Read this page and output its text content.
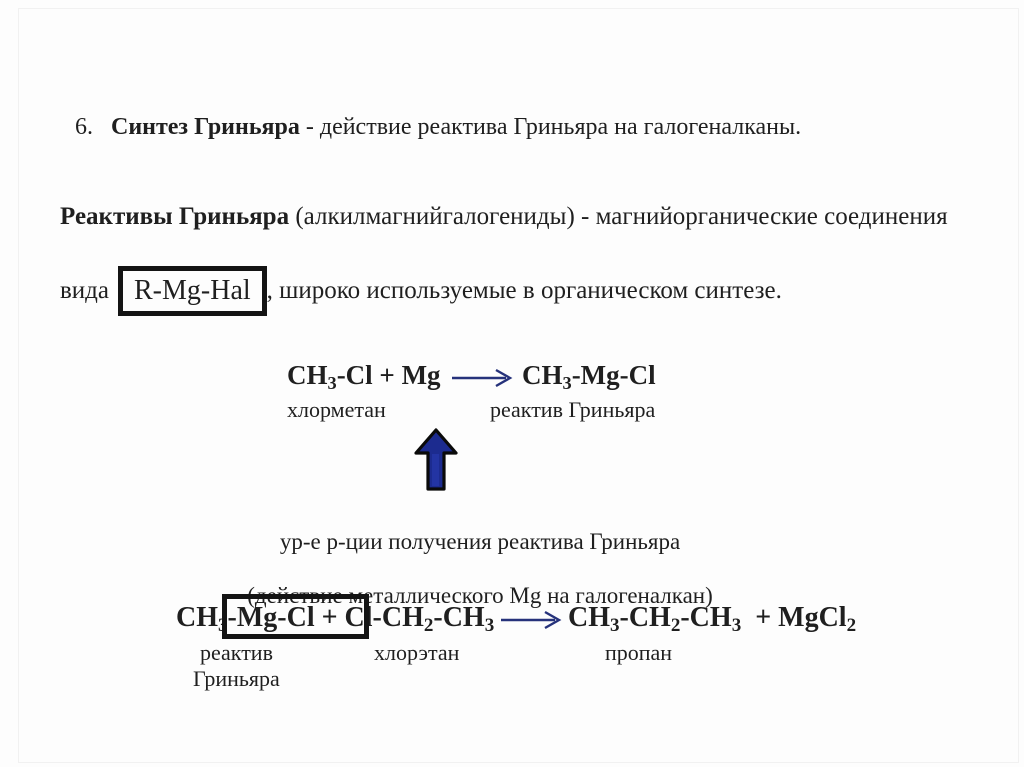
6. Синтез Гриньяра - действие реактива Гриньяра на галогеналканы.
Реактивы Гриньяра (алкилмагнийгалогениды) - магнийорганические соединения
вида R-Mg-Hal , широко используемые в органическом синтезе.
$CH_3-Cl + Mg$	$CH_3-Mg-Cl$
хлорметан	реактив Гриньяра

ур-е р-ции получения реактива Гриньяра

(действие металлического Mg на галогеналкан)

$CH_3-Mg-Cl + Cl-CH_2-CH_3$	$CH_3-CH_2-CH_3$  + MgCl$_2$
реактив
Гриньяра
хлорэтан	пропан
